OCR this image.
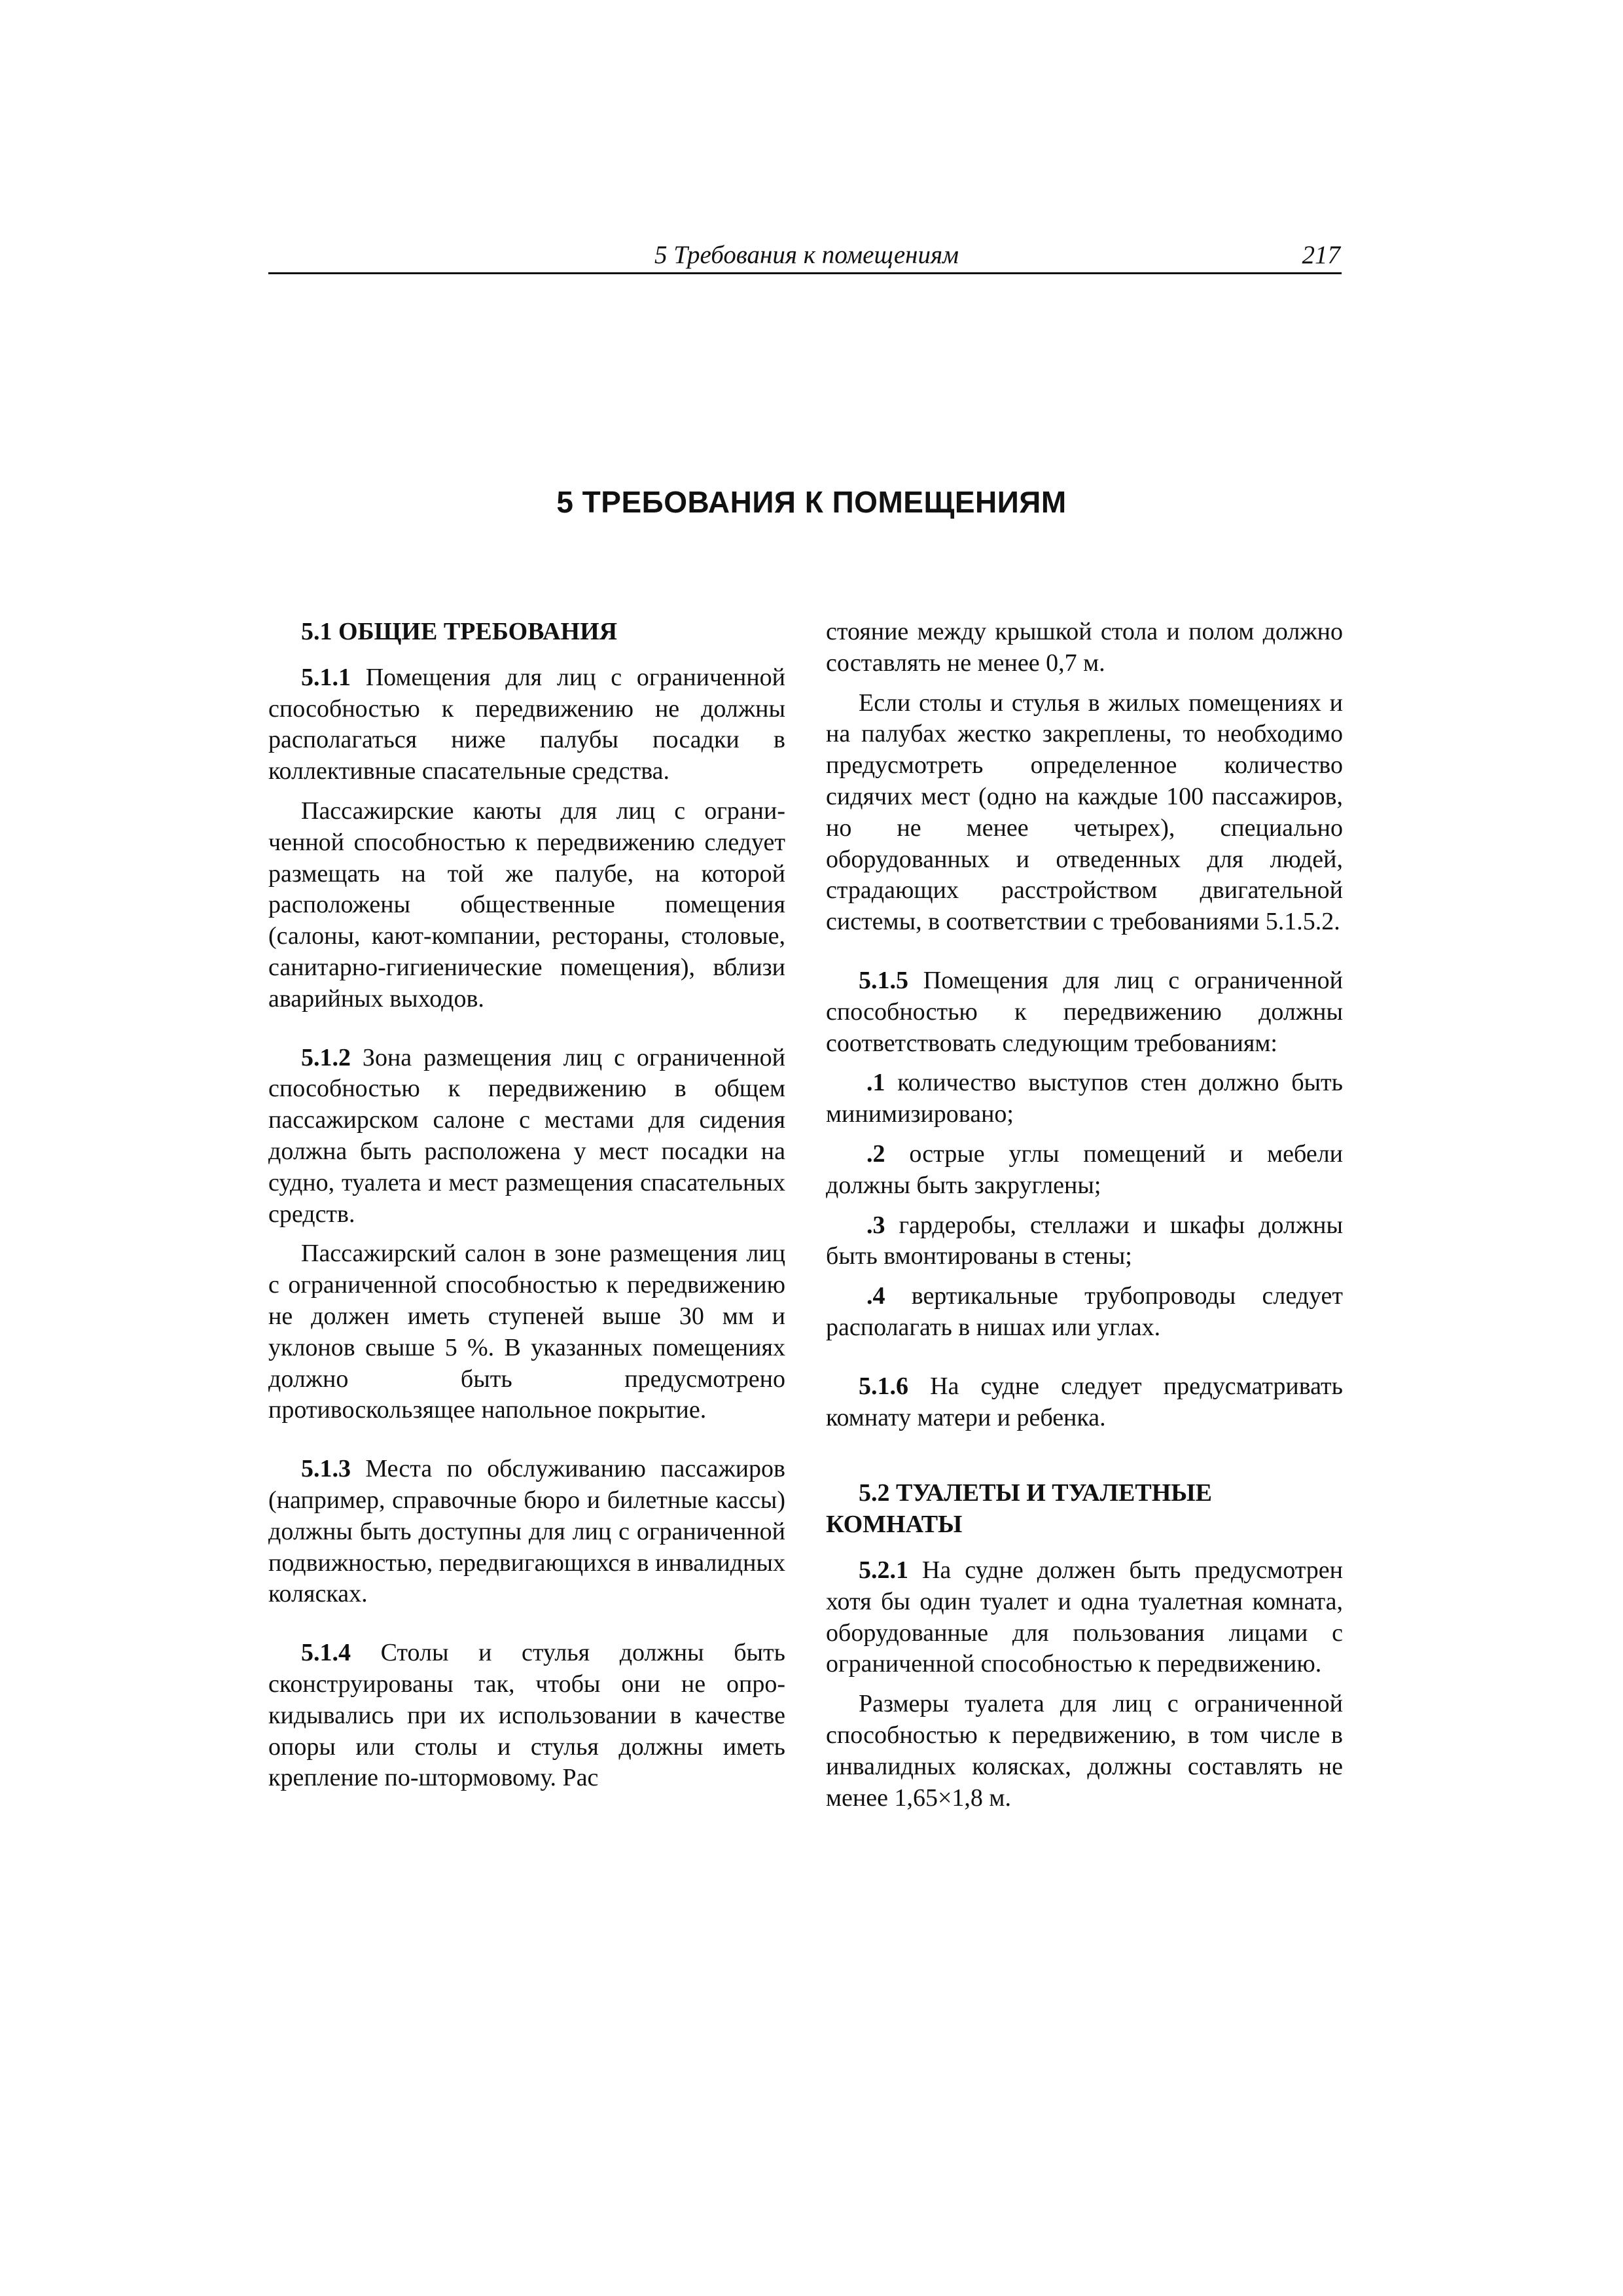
5 Требования к помещениям	217
5 ТРЕБОВАНИЯ К ПОМЕЩЕНИЯМ

5.1 ОБЩИЕ ТРЕБОВАНИЯ

5.1.1 Помещения для лиц с ограниченной способностью к передвижению не должны располагаться ниже палубы посадки в коллективные спасательные средства.

Пассажирские каюты для лиц с ограниченной способностью к передвижению следует размещать на той же палубе, на которой расположены общественные помещения (салоны, кают-компании, рестораны, столовые, санитарно-гигиенические помещения), вблизи аварийных выходов.

5.1.2 Зона размещения лиц с ограниченной способностью к передвижению в общем пассажирском салоне с местами для сидения должна быть расположена у мест посадки на судно, туалета и мест размещения спасательных средств.

Пассажирский салон в зоне размещения лиц с ограниченной способностью к передвижению не должен иметь ступеней выше 30 мм и уклонов свыше 5 %. В указанных помещениях должно быть предусмотрено противоскользящее напольное покрытие.

5.1.3 Места по обслуживанию пассажиров (например, справочные бюро и билетные кассы) должны быть доступны для лиц с ограниченной подвижностью, передвигающихся в инвалидных колясках.

5.1.4 Столы и стулья должны быть сконструированы так, чтобы они не опрокидывались при их использовании в качестве опоры или столы и стулья должны иметь крепление по-штормовому. Рас

стояние между крышкой стола и полом должно составлять не менее 0,7 м.

Если столы и стулья в жилых помещениях и на палубах жестко закреплены, то необходимо предусмотреть определенное количество сидячих мест (одно на каждые 100 пассажиров, но не менее четырех), специально оборудованных и отведенных для людей, страдающих расстройством двигательной системы, в соответствии с требованиями 5.1.5.2.

5.1.5 Помещения для лиц с ограниченной способностью к передвижению должны соответствовать следующим требованиям:

.1 количество выступов стен должно быть минимизировано;

.2 острые углы помещений и мебели должны быть закруглены;

.3 гардеробы, стеллажи и шкафы должны быть вмонтированы в стены;

.4 вертикальные трубопроводы следует располагать в нишах или углах.

5.1.6 На судне следует предусматривать комнату матери и ребенка.

5.2 ТУАЛЕТЫ И ТУАЛЕТНЫЕ
КОМНАТЫ

5.2.1 На судне должен быть предусмотрен хотя бы один туалет и одна туалетная комната, оборудованные для пользования лицами с ограниченной способностью к передвижению.

Размеры туалета для лиц с ограниченной способностью к передвижению, в том числе в инвалидных колясках, должны составлять не менее 1,65×1,8 м.
